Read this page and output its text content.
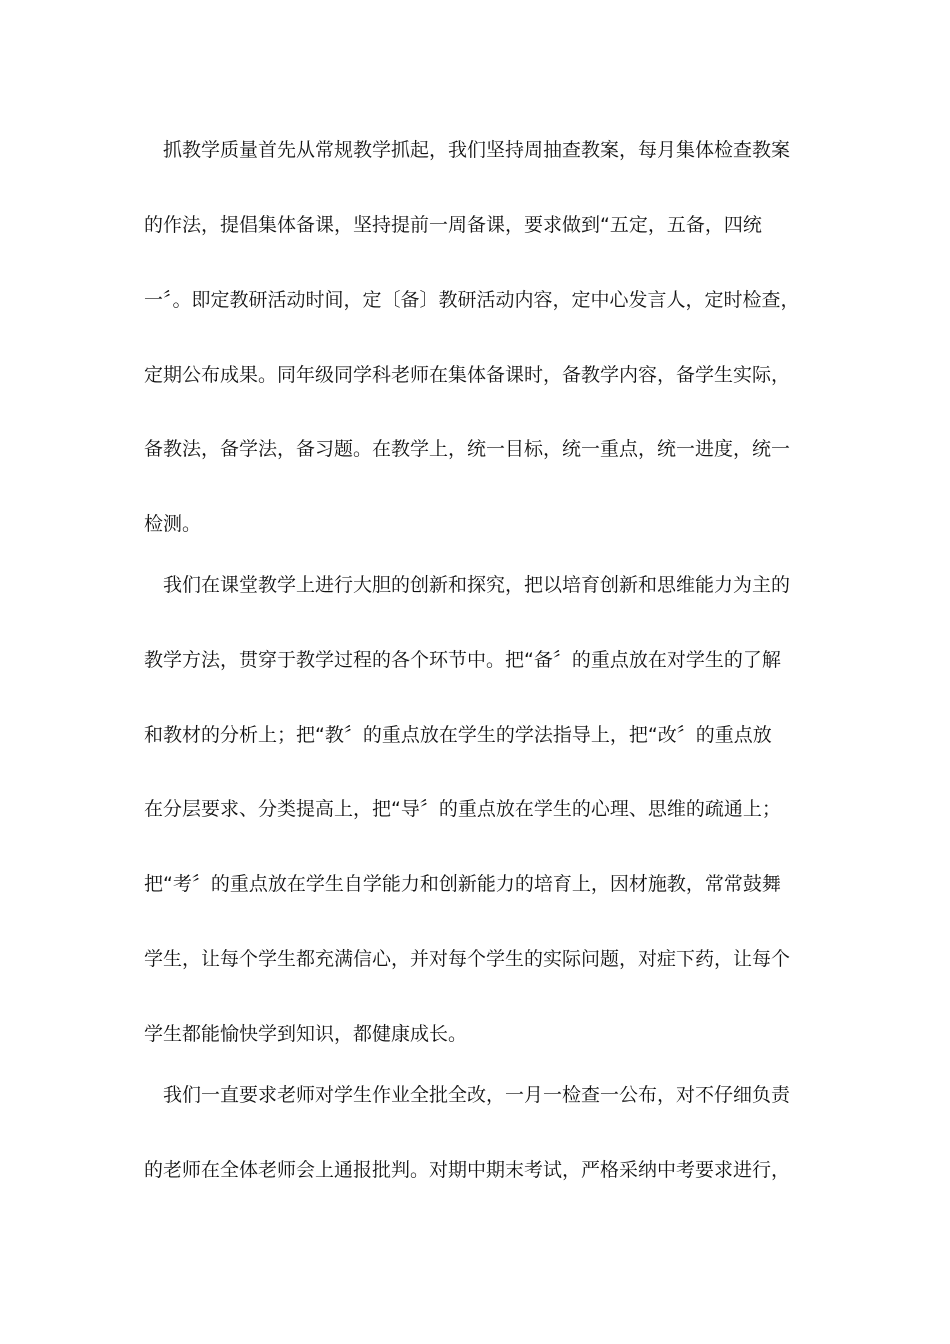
　抓教学质量首先从常规教学抓起，我们坚持周抽查教案，每月集体检查教案
的作法，提倡集体备课，坚持提前一周备课，要求做到“五定，五备，四统
一〞。即定教研活动时间，定〔备〕教研活动内容，定中心发言人，定时检查，
定期公布成果。同年级同学科老师在集体备课时，备教学内容，备学生实际，
备教法，备学法，备习题。在教学上，统一目标，统一重点，统一进度，统一
检测。
　我们在课堂教学上进行大胆的创新和探究，把以培育创新和思维能力为主的
教学方法，贯穿于教学过程的各个环节中。把“备〞的重点放在对学生的了解
和教材的分析上；把“教〞的重点放在学生的学法指导上，把“改〞的重点放
在分层要求、分类提高上，把“导〞的重点放在学生的心理、思维的疏通上；
把“考〞的重点放在学生自学能力和创新能力的培育上，因材施教，常常鼓舞
学生，让每个学生都充满信心，并对每个学生的实际问题，对症下药，让每个
学生都能愉快学到知识，都健康成长。
　我们一直要求老师对学生作业全批全改，一月一检查一公布，对不仔细负责
的老师在全体老师会上通报批判。对期中期末考试，严格采纳中考要求进行，
